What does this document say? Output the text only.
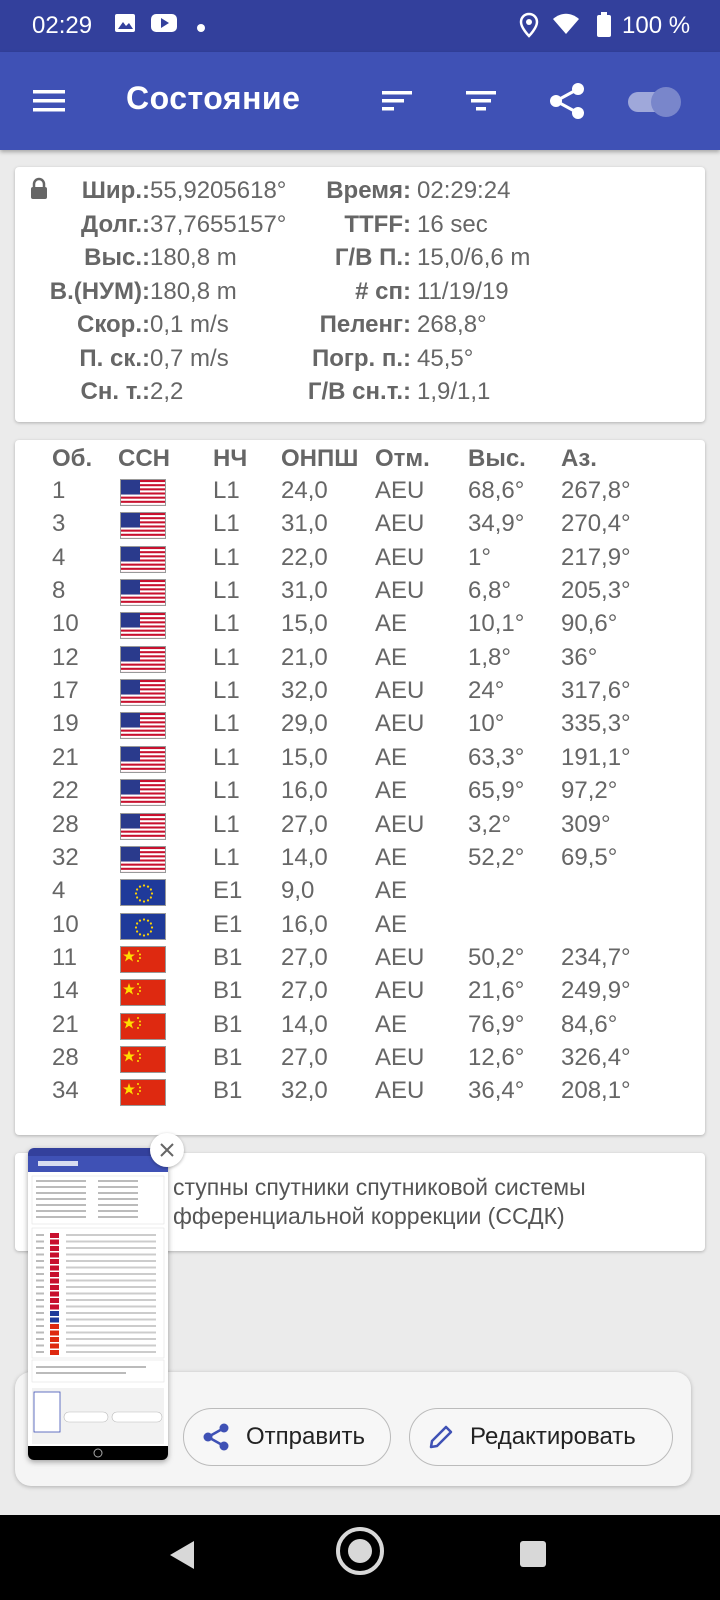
02:29	100 %
Состояние
Шир.: 55,9205618° Время: 02:29:24
Долг.: 37,7655157° TTFF: 16 sec
Выс.: 180,8 m	Г/В П.: 15,0/6,6 m
В.(НУМ): 180,8 m	# сп: 11/19/19
Скор.: 0,1 m/s	Пеленг: 268,8°
П. ск.: 0,7 m/s	Погр. п.: 45,5°
Сн. т.: 2,2	Г/В сн.т.: 1,9/1,1
Об. ССН НЧ ОНПШ Отм. Выс. Аз.
1	L1 24,0 AEU 68,6° 267,8°
3	L1 31,0 AEU 34,9° 270,4°
4	L1 22,0 AEU 1°	217,9°
8	L1 31,0 AEU 6,8° 205,3°
10	L1 15,0 AE	10,1° 90,6°
12	L1 21,0 AE	1,8° 36°
17	L1 32,0 AEU 24° 317,6°
19	L1 29,0 AEU 10° 335,3°
21	L1 15,0 AE	63,3° 191,1°
22	L1 16,0 AE	65,9° 97,2°
28	L1 27,0 AEU 3,2° 309°
32	L1 14,0 AE	52,2° 69,5°
4	E1 9,0	AE
10	E1 16,0 AE
11	B1 27,0 AEU 50,2° 234,7°
14	B1 27,0 AEU 21,6° 249,9°
21	B1 14,0 AE	76,9° 84,6°
28	B1 27,0 AEU 12,6° 326,4°
34	B1 32,0 AEU 36,4° 208,1°
ступны спутники спутниковой системы
фференциальной коррекции (ССДК)
Отправить	Редактировать
